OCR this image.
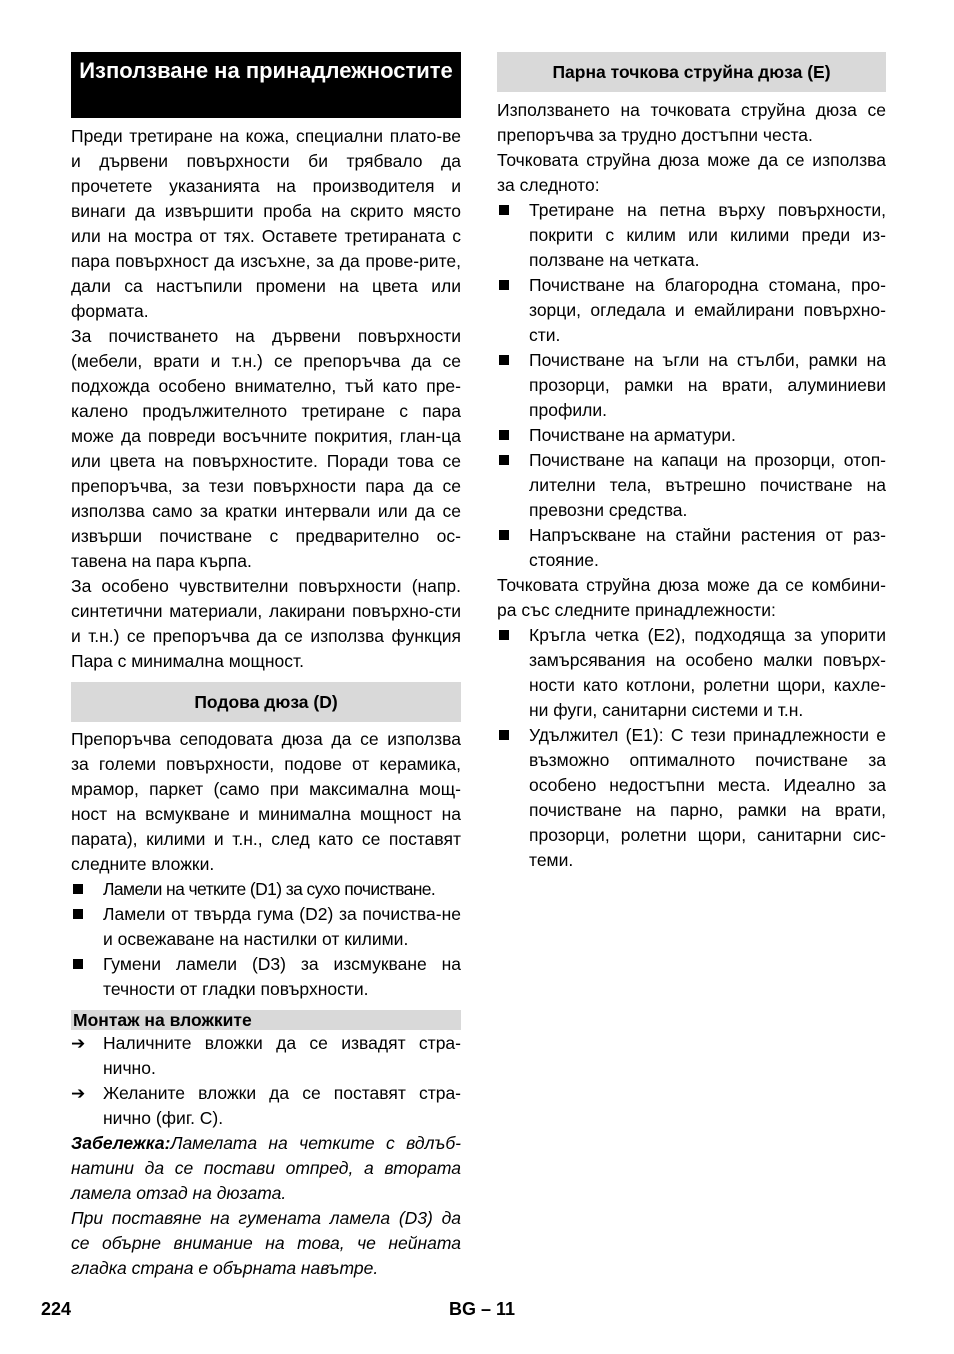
Използване на принадлежностите

Преди третиране на кожа, специални плато-ве и дървени повърхности би трябвало да прочетете указанията на производителя и винаги да извършити проба на скрито място или на мостра от тях. Оставете третираната с пара повърхност да изсъхне, за да прове-рите, дали са настъпили промени на цвета или формата.

За почистването на дървени повърхности (мебели, врати и т.н.) се препоръчва да се подхожда особено внимателно, тъй като пре-калено продължителното третиране с пара може да повреди восъчните покрития, глан-ца или цвета на повърхностите. Поради това се препоръчва, за тези повърхности пара да се използва само за кратки интервали или да се извърши почистване с предварително ос-тавена на пара кърпа.

За особено чувствителни повърхности (напр. синтетични материали, лакирани повърхно-сти и т.н.) се препоръчва да се използва функция Пара с минимална мощност.

Подова дюза (D)

Препоръчва сеподовата дюза да се използва за големи повърхности, подове от керамика, мрамор, паркет (само при максимална мощ-ност на всмукване и минимална мощност на парата), килими и т.н., след като се поставят следните вложки.

Ламели на четките (D1) за сухо почистване.
Ламели от твърда гума (D2) за почиства-не и освежаване на настилки от килими.
Гумени ламели (D3) за изсмукване на течности от гладки повърхности.
Монтаж на вложките
➔ Наличните вложки да се извадят стра-нично.
➔ Желаните вложки да се поставят стра-нично (фиг. C).

Забележка:Ламелата на четките с вдлъб-натини да се постави отпред, а втората ламела отзад на дюзата.

При поставяне на гумената ламела (D3) да се обърне внимание на това, че нейната гладка страна е обърната навътре.

Парна точкова струйна дюза (E)

Използването на точковата струйна дюза се препоръчва за трудно достъпни честа.

Точковата струйна дюза може да се използва за следното:

Третиране на петна върху повърхности, покрити с килим или килими преди из-ползване на четката.
Почистване на благородна стомана, про-зорци, огледала и емайлирани повърхно-сти.
Почистване на ъгли на стълби, рамки на прозорци, рамки на врати, алуминиеви профили.
Почистване на арматури.
Почистване на капаци на прозорци, отоп-лителни тела, вътрешно почистване на превозни средства.
Напръскване на стайни растения от раз-стояние.

Точковата струйна дюза може да се комбини-ра със следните принадлежности:

Кръгла четка (E2), подходяща за упорити замърсявания на особено малки повърх-ности като котлони, ролетни щори, кахле-ни фуги, санитарни системи и т.н.
Удължител (E1): С тези принадлежности е възможно оптималното почистване за особено недостъпни места. Идеално за почистване на парно, рамки на врати, прозорци, ролетни щори, санитарни сис-теми.
224	BG – 11
